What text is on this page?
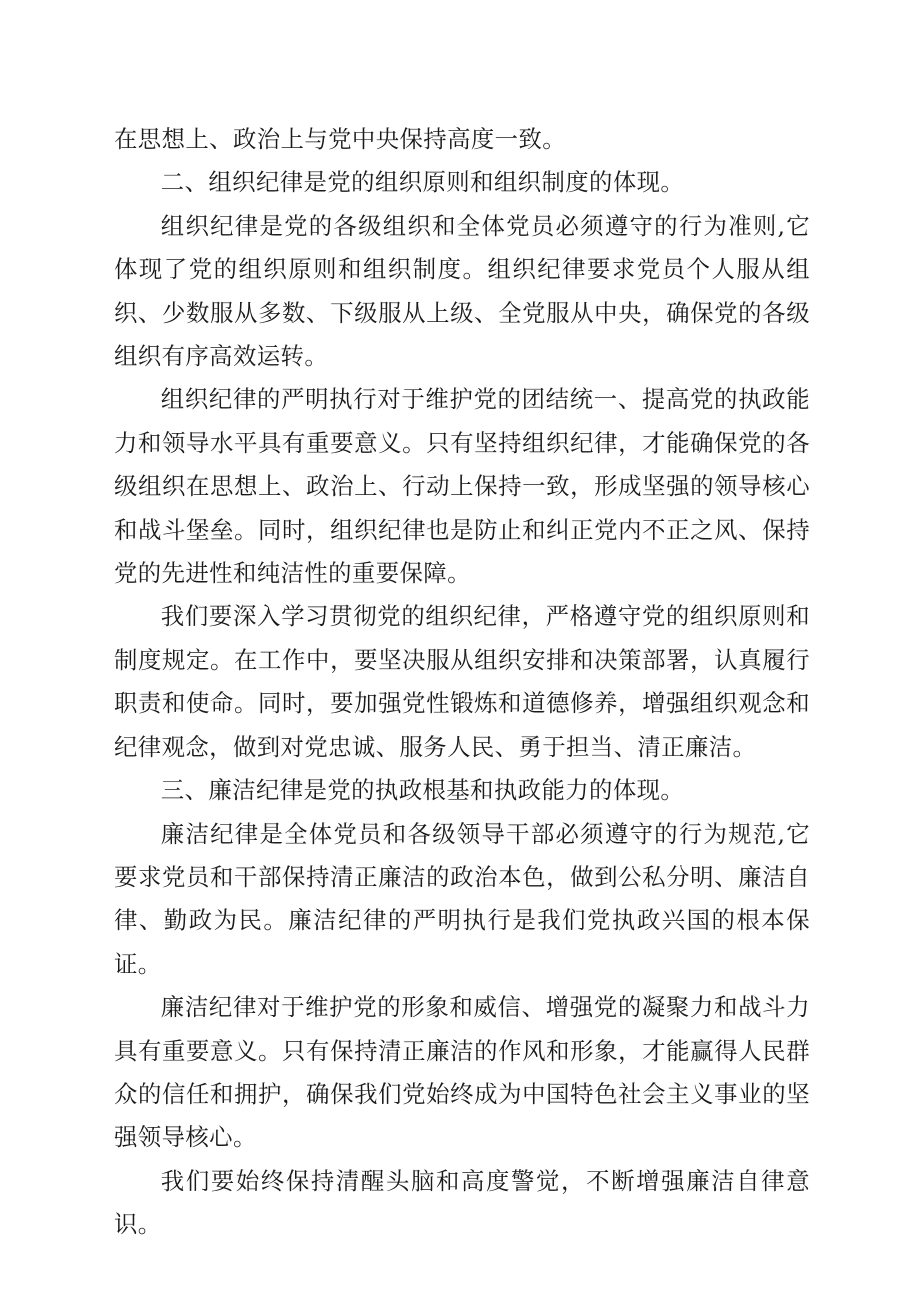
在思想上、政治上与党中央保持高度一致。

二、组织纪律是党的组织原则和组织制度的体现。

组织纪律是党的各级组织和全体党员必须遵守的行为准则,它体现了党的组织原则和组织制度。组织纪律要求党员个人服从组织、少数服从多数、下级服从上级、全党服从中央，确保党的各级组织有序高效运转。

组织纪律的严明执行对于维护党的团结统一、提高党的执政能力和领导水平具有重要意义。只有坚持组织纪律，才能确保党的各级组织在思想上、政治上、行动上保持一致，形成坚强的领导核心和战斗堡垒。同时，组织纪律也是防止和纠正党内不正之风、保持党的先进性和纯洁性的重要保障。

我们要深入学习贯彻党的组织纪律，严格遵守党的组织原则和制度规定。在工作中，要坚决服从组织安排和决策部署，认真履行职责和使命。同时，要加强党性锻炼和道德修养，增强组织观念和纪律观念，做到对党忠诚、服务人民、勇于担当、清正廉洁。

三、廉洁纪律是党的执政根基和执政能力的体现。

廉洁纪律是全体党员和各级领导干部必须遵守的行为规范,它要求党员和干部保持清正廉洁的政治本色，做到公私分明、廉洁自律、勤政为民。廉洁纪律的严明执行是我们党执政兴国的根本保证。

廉洁纪律对于维护党的形象和威信、增强党的凝聚力和战斗力具有重要意义。只有保持清正廉洁的作风和形象，才能赢得人民群众的信任和拥护，确保我们党始终成为中国特色社会主义事业的坚强领导核心。

我们要始终保持清醒头脑和高度警觉，不断增强廉洁自律意识。
